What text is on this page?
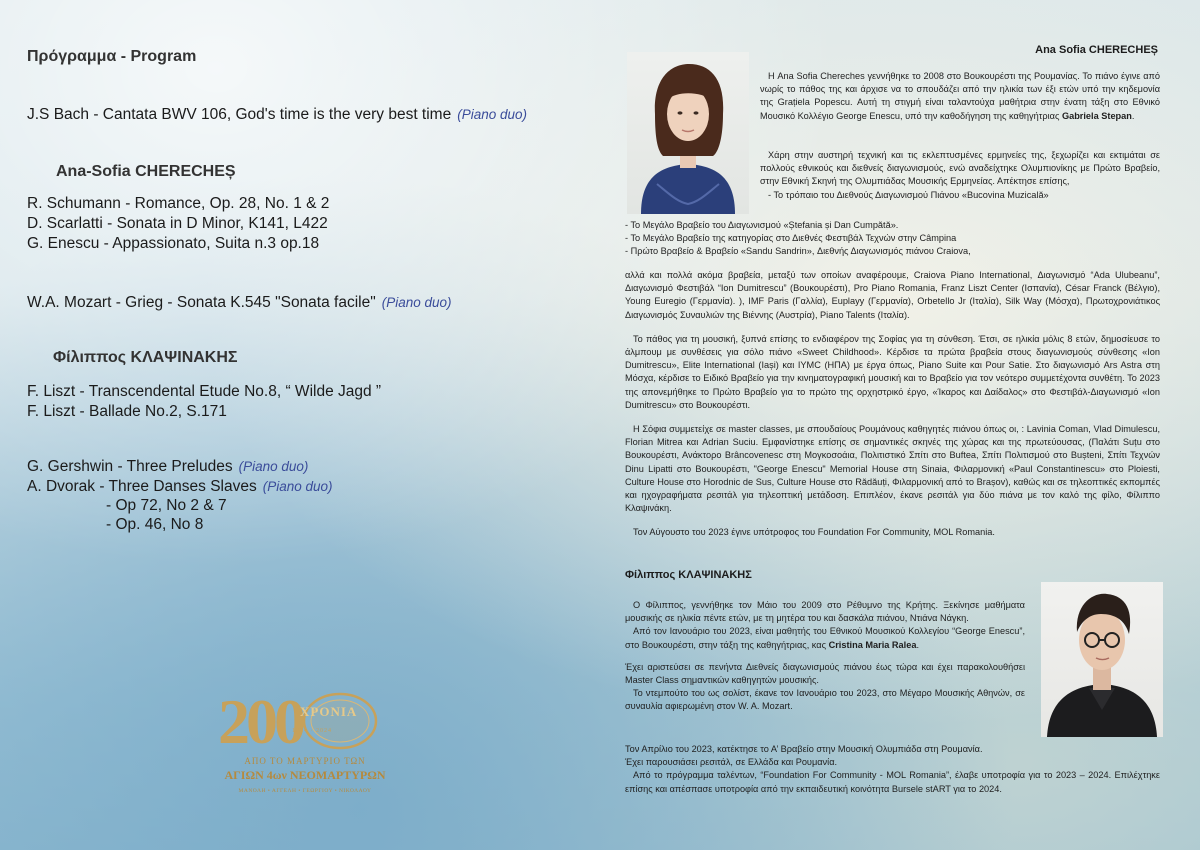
Πρόγραμμα - Program
J.S Bach - Cantata BWV 106, God's time is the very best time (Piano duo)
Ana-Sofia CHERECHEȘ
R. Schumann - Romance, Op. 28, No. 1 & 2
D. Scarlatti - Sonata in D Minor, K141, L422
G. Enescu - Appassionato, Suita n.3 op.18
W.A. Mozart - Grieg - Sonata K.545 "Sonata facile" (Piano duo)
Φίλιππος ΚΛΑΨΙΝΑΚΗΣ
F. Liszt - Transcendental Etude No.8, “ Wilde Jagd ”
F. Liszt - Ballade No.2, S.171
G. Gershwin - Three Preludes (Piano duo)
A. Dvorak - Three Danses Slaves (Piano duo)
- Op 72, No 2 & 7
- Op. 46, No 8
200
ΧΡΟΝΙΑ
1824 · 2024
ΑΠΟ ΤΟ ΜΑΡΤΥΡΙΟ ΤΩΝ
ΑΓΙΩΝ 4ων ΝΕΟΜΑΡΤΥΡΩΝ
ΜΑΝΟΛΗ • ΑΓΓΕΛΗ • ΓΕΩΡΓΙΟΥ • ΝΙΚΟΛΑΟΥ
Ana Sofia CHERECHEȘ

Η Ana Sofia Chereches γεννήθηκε το 2008 στο Βουκουρέστι της Ρουμανίας. Το πιάνο έγινε από νωρίς το πάθος της και άρχισε να το σπουδάζει από την ηλικία των έξι ετών υπό την κηδεμονία της Grațiela Popescu. Αυτή τη στιγμή είναι ταλαντούχα μαθήτρια στην ένατη τάξη στο Εθνικό Μουσικό Κολλέγιο George Enescu, υπό την καθοδήγηση της καθηγήτριας Gabriela Stepan.

Χάρη στην αυστηρή τεχνική και τις εκλεπτυσμένες ερμηνείες της, ξεχωρίζει και εκτιμάται σε πολλούς εθνικούς και διεθνείς διαγωνισμούς, ενώ αναδείχτηκε Ολυμπιονίκης με Πρώτο Βραβείο, στην Εθνική Σκηνή της Ολυμπιάδας Μουσικής Ερμηνείας. Απέκτησε επίσης,

- Το τρόπαιο του Διεθνούς Διαγωνισμού Πιάνου «Bucovina Muzicală»

- Το Μεγάλο Βραβείο του Διαγωνισμού «Ștefania și Dan Cumpătă».

- Το Μεγάλο Βραβείο της κατηγορίας στο Διεθνές Φεστιβάλ Τεχνών στην Câmpina

- Πρώτο Βραβείο & Βραβείο «Sandu Sandrin», Διεθνής Διαγωνισμός πιάνου Craiova,

αλλά και πολλά ακόμα βραβεία, μεταξύ των οποίων αναφέρουμε, Craiova Piano International, Διαγωνισμό “Ada Ulubeanu”, Διαγωνισμό Φεστιβάλ “Ion Dumitrescu” (Βουκουρέστι), Pro Piano Romania, Franz Liszt Center (Ισπανία), César Franck (Βέλγιο), Young Euregio (Γερμανία). ), IMF Paris (Γαλλία), Euplayy (Γερμανία), Orbetello Jr (Ιταλία), Silk Way (Μόσχα), Πρωτοχρονιάτικος Διαγωνισμός Συναυλιών της Βιέννης (Αυστρία), Piano Talents (Ιταλία).

Το πάθος για τη μουσική, ξυπνά επίσης το ενδιαφέρον της Σοφίας για τη σύνθεση. Έτσι, σε ηλικία μόλις 8 ετών, δημοσίευσε το άλμπουμ με συνθέσεις για σόλο πιάνο «Sweet Childhood». Κέρδισε τα πρώτα βραβεία στους διαγωνισμούς σύνθεσης «Ion Dumitrescu», Elite International (Iași) και IYMC (ΗΠΑ) με έργα όπως, Piano Suite και Pour Satie. Στο διαγωνισμό Ars Astra στη Μόσχα, κέρδισε το Ειδικό Βραβείο για την κινηματογραφική μουσική και το Βραβείο για τον νεότερο συμμετέχοντα συνθέτη. Το 2023 της απονεμήθηκε το Πρώτο Βραβείο για το πρώτο της ορχηστρικό έργο, «Ίκαρος και Δαίδαλος» στο Φεστιβάλ-Διαγωνισμό «Ion Dumitrescu» στο Βουκουρέστι.

Η Σόφια συμμετείχε σε master classes, με σπουδαίους Ρουμάνους καθηγητές πιάνου όπως οι, : Lavinia Coman, Vlad Dimulescu, Florian Mitrea και Adrian Suciu. Εμφανίστηκε επίσης σε σημαντικές σκηνές της χώρας και της πρωτεύουσας, (Παλάτι Suțu στο Βουκουρέστι, Ανάκτορο Brâncovenesc στη Μογκοσοάια, Πολιτιστικό Σπίτι στο Buftea, Σπίτι Πολιτισμού στο Bușteni, Σπίτι Τεχνών Dinu Lipatti στο Βουκουρέστι, "George Enescu" Memorial House στη Sinaia, Φιλαρμονική «Paul Constantinescu» στο Ploiesti, Culture House στο Horodnic de Sus, Culture House στο Rădăuți, Φιλαρμονική από το Brașov), καθώς και σε τηλεοπτικές εκπομπές και ηχογραφήματα ρεσιτάλ για τηλεοπτική μετάδοση. Επιπλέον, έκανε ρεσιτάλ για δύο πιάνα με τον καλό της φίλο, Φίλιππο Κλαψινάκη.

Τον Αύγουστο του 2023 έγινε υπότροφος του Foundation For Community, MOL Romania.

Φίλιππος ΚΛΑΨΙΝΑΚΗΣ

Ο Φίλιππος, γεννήθηκε τον Μάιο του 2009 στο Ρέθυμνο της Κρήτης. Ξεκίνησε μαθήματα μουσικής σε ηλικία πέντε ετών, με τη μητέρα του και δασκάλα πιάνου, Ντιάνα Νάγκη.

Από τον Ιανουάριο του 2023, είναι μαθητής του Εθνικού Μουσικού Κολλεγίου “George Enescu”, στο Βουκουρέστι, στην τάξη της καθηγήτριας, κας Cristina Maria Ralea.

Έχει αριστεύσει σε πενήντα Διεθνείς διαγωνισμούς πιάνου έως τώρα και έχει παρακολουθήσει Master Class σημαντικών καθηγητών μουσικής.

Το ντεμπούτο του ως σολίστ, έκανε τον Ιανουάριο του 2023, στο Μέγαρο Μουσικής Αθηνών, σε συναυλία αφιερωμένη στον W. A. Mozart.

Τον Απρίλιο του 2023, κατέκτησε το Α’ Βραβείο στην Μουσική Ολυμπιάδα στη Ρουμανία.

Έχει παρουσιάσει ρεσιτάλ, σε Ελλάδα και Ρουμανία.

Από το πρόγραμμα ταλέντων, “Foundation For Community - MOL Romania”, έλαβε υποτροφία για το 2023 – 2024. Επιλέχτηκε επίσης και απέσπασε υποτροφία από την εκπαιδευτική κοινότητα Bursele stART για το 2024.
